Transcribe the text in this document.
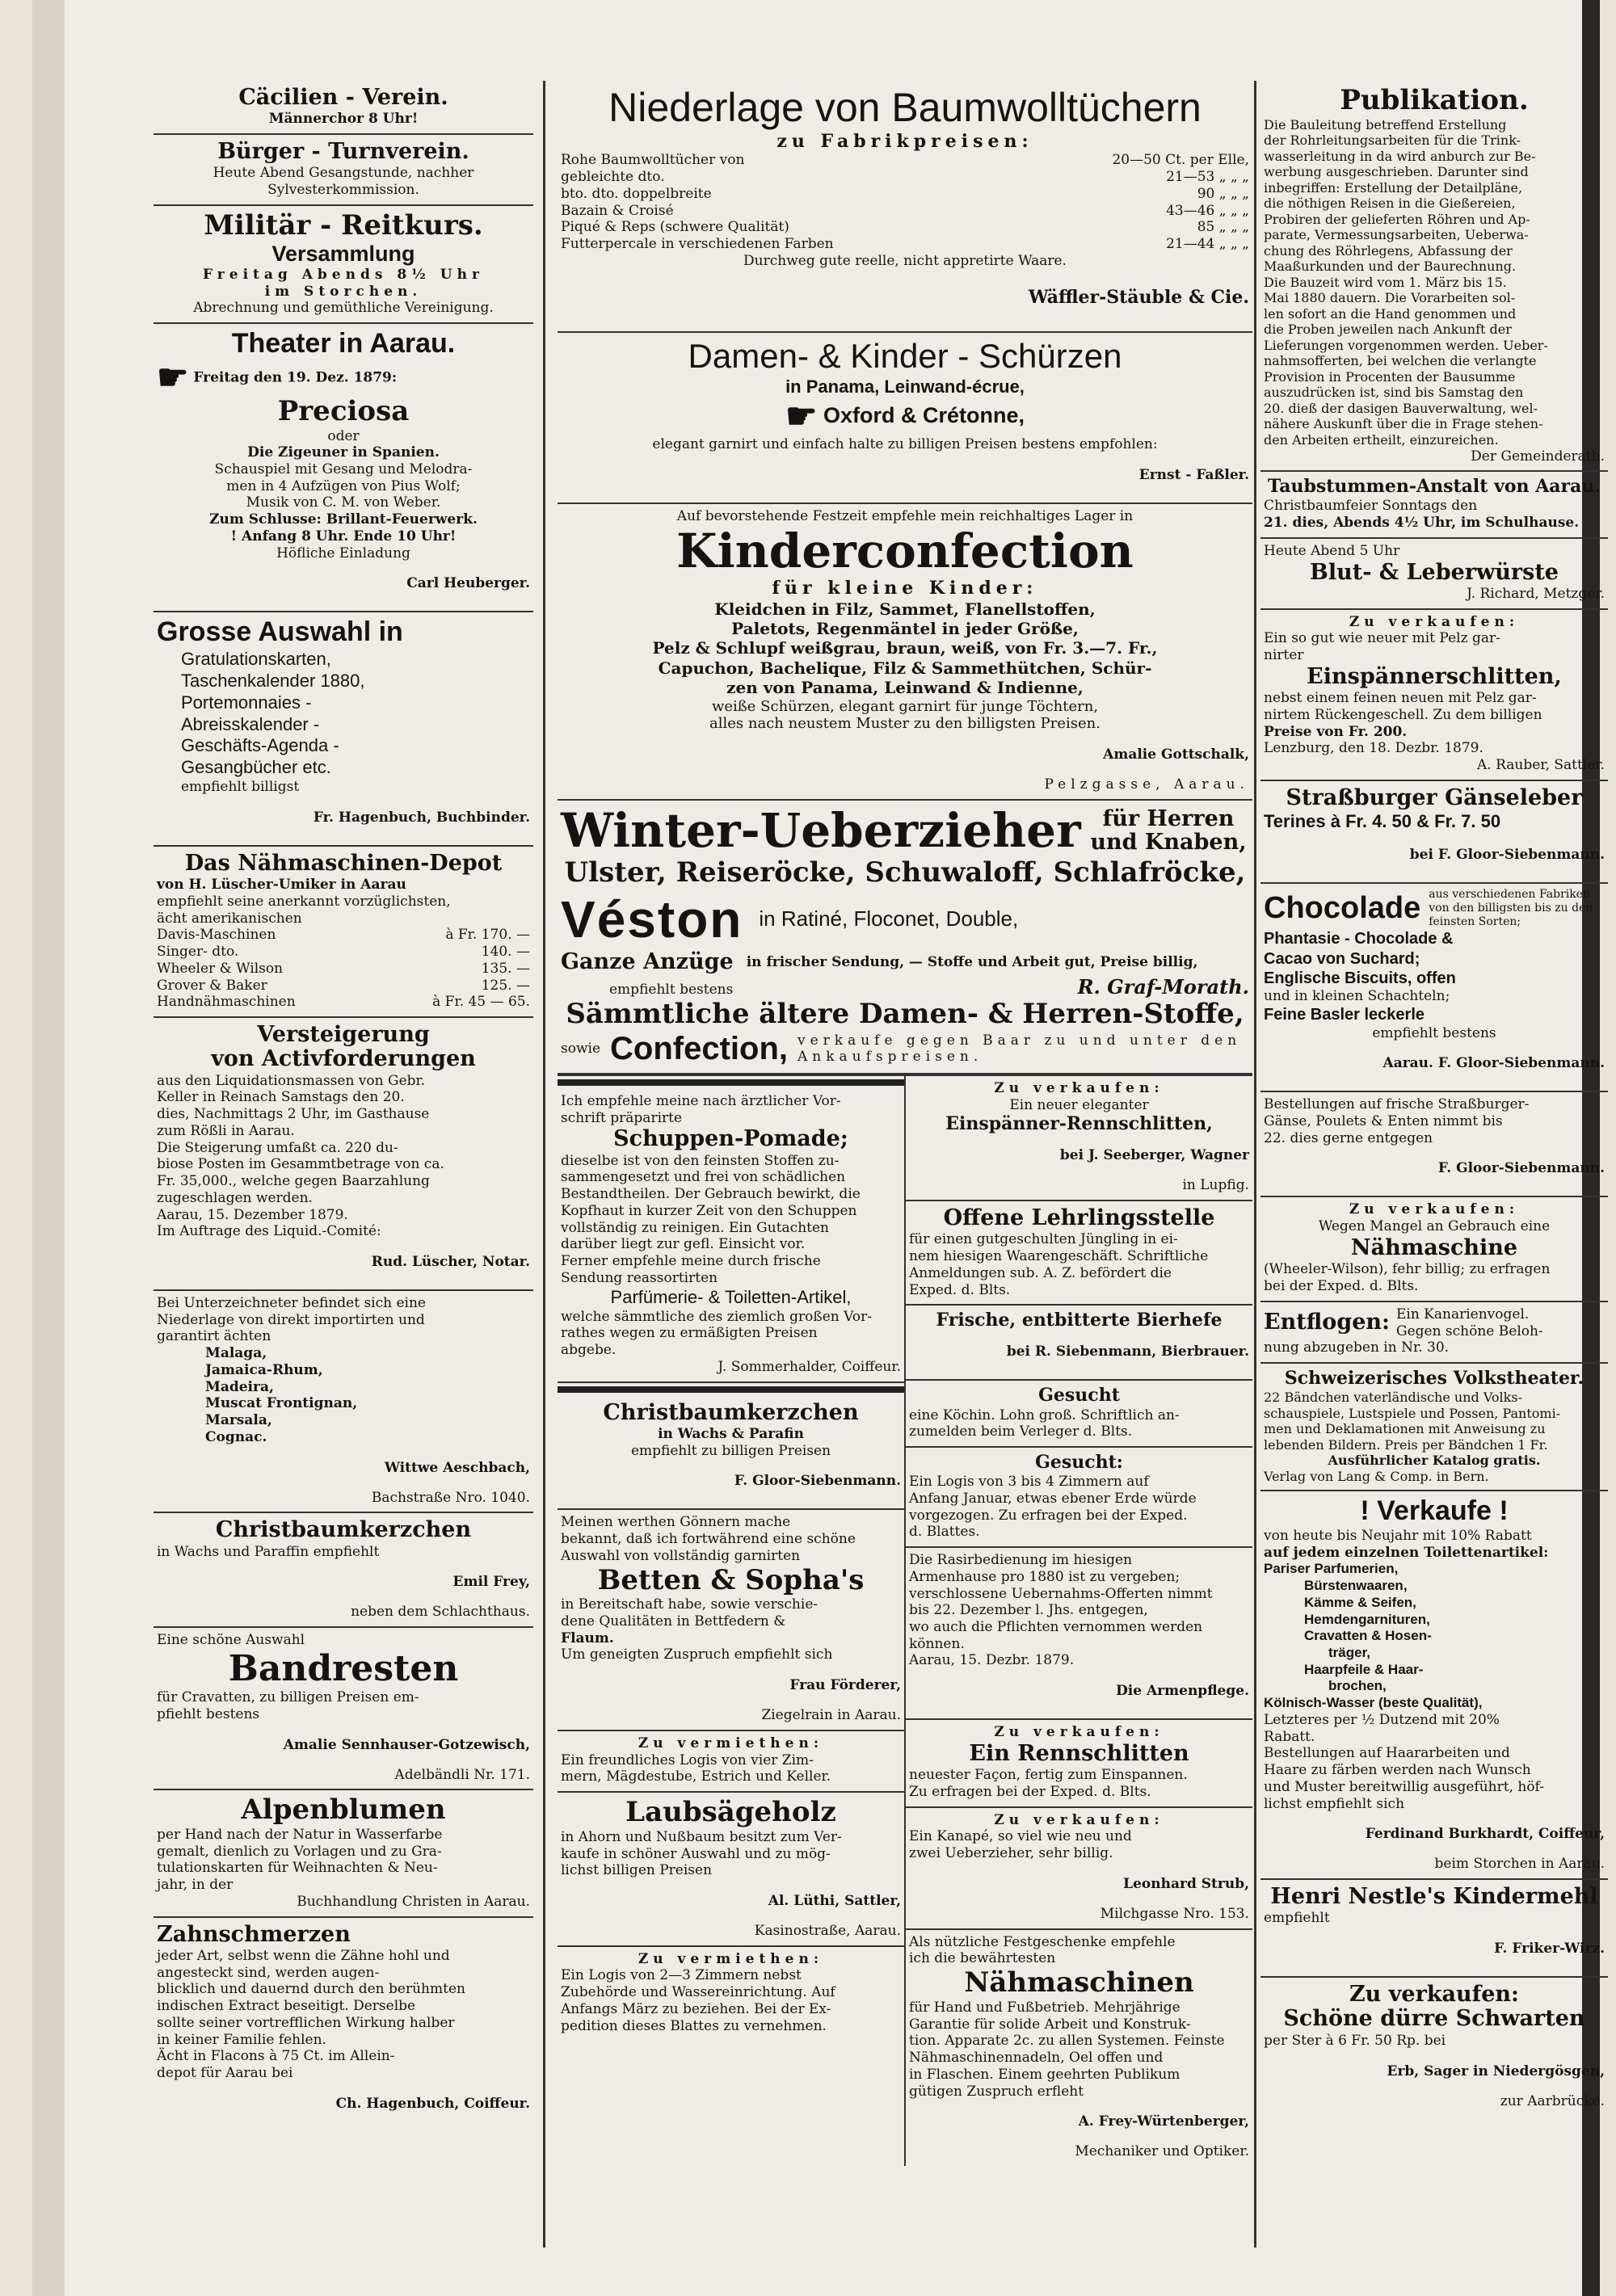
Cäcilien - Verein.

Männerchor 8 Uhr!

Bürger - Turnverein.

Heute Abend Gesangstunde, nachher

Sylvesterkommission.

Militär - Reitkurs.
Versammlung

Freitag Abends 8½ Uhr

im Storchen.

Abrechnung und gemüthliche Vereinigung.

Theater in Aarau.

☛ Freitag den 19. Dez. 1879:

Preciosa

oder

Die Zigeuner in Spanien.

Schauspiel mit Gesang und Melodra-

men in 4 Aufzügen von Pius Wolf;

Musik von C. M. von Weber.

Zum Schlusse: Brillant-Feuerwerk.

! Anfang 8 Uhr. Ende 10 Uhr!

Höfliche Einladung

Carl Heuberger.

Grosse Auswahl in

Gratulationskarten,

Taschenkalender 1880,

Portemonnaies -

Abreisskalender -

Geschäfts-Agenda -

Gesangbücher etc.

empfiehlt billigst

Fr. Hagenbuch, Buchbinder.

Das Nähmaschinen-Depot

von H. Lüscher-Umiker in Aarau

empfiehlt seine anerkannt vorzüglichsten,

ächt amerikanischen

Davis-Maschinen	à Fr. 170. —
Singer- dto.	140. —
Wheeler & Wilson	135. —
Grover & Baker	125. —
Handnähmaschinen	à Fr. 45 — 65.
Versteigerung
von Activforderungen

aus den Liquidationsmassen von Gebr.

Keller in Reinach Samstags den 20.

dies, Nachmittags 2 Uhr, im Gasthause

zum Rößli in Aarau.

Die Steigerung umfaßt ca. 220 du-

biose Posten im Gesammtbetrage von ca.

Fr. 35,000., welche gegen Baarzahlung

zugeschlagen werden.

Aarau, 15. Dezember 1879.

Im Auftrage des Liquid.-Comité:

Rud. Lüscher, Notar.

Bei Unterzeichneter befindet sich eine

Niederlage von direkt importirten und

garantirt ächten

Malaga,

Jamaica-Rhum,

Madeira,

Muscat Frontignan,

Marsala,

Cognac.

Wittwe Aeschbach,

Bachstraße Nro. 1040.

Christbaumkerzchen

in Wachs und Paraffin empfiehlt

Emil Frey,

neben dem Schlachthaus.

Eine schöne Auswahl

Bandresten

für Cravatten, zu billigen Preisen em-

pfiehlt bestens

Amalie Sennhauser-Gotzewisch,

Adelbändli Nr. 171.

Alpenblumen

per Hand nach der Natur in Wasserfarbe

gemalt, dienlich zu Vorlagen und zu Gra-

tulationskarten für Weihnachten & Neu-

jahr, in der

Buchhandlung Christen in Aarau.

Zahnschmerzen

jeder Art, selbst wenn die Zähne hohl und angesteckt sind, werden augen-

blicklich und dauernd durch den berühmten

indischen Extract beseitigt. Derselbe

sollte seiner vortrefflichen Wirkung halber

in keiner Familie fehlen.

Ächt in Flacons à 75 Ct. im Allein-

depot für Aarau bei

Ch. Hagenbuch, Coiffeur.

Niederlage von Baumwolltüchern

zu Fabrikpreisen:

Rohe Baumwolltücher von	20—50 Ct. per Elle,
gebleichte dto.	21—53 „ „ „
bto. dto. doppelbreite	90 „ „ „
Bazain & Croisé	43—46 „ „ „
Piqué & Reps (schwere Qualität)	85 „ „ „
Futterpercale in verschiedenen Farben	21—44 „ „ „

Durchweg gute reelle, nicht appretirte Waare.

Wäffler-Stäuble & Cie.

Damen- & Kinder - Schürzen

in Panama, Leinwand-écrue,

☛ Oxford & Crétonne,

elegant garnirt und einfach halte zu billigen Preisen bestens empfohlen:

Ernst - Faßler.

Auf bevorstehende Festzeit empfehle mein reichhaltiges Lager in

Kinderconfection

für kleine Kinder:

Kleidchen in Filz, Sammet, Flanellstoffen,

Paletots, Regenmäntel in jeder Größe,

Pelz & Schlupf weißgrau, braun, weiß, von Fr. 3.—7. Fr.,

Capuchon, Bachelique, Filz & Sammethütchen, Schür-

zen von Panama, Leinwand & Indienne,

weiße Schürzen, elegant garnirt für junge Töchtern,

alles nach neustem Muster zu den billigsten Preisen.

Amalie Gottschalk,

Pelzgasse, Aarau.

Winter-Ueberzieher für Herren und Knaben,
Ulster, Reiseröcke, Schuwaloff, Schlafröcke,
Véston in Ratiné, Floconet, Double,
Ganze Anzüge in frischer Sendung, — Stoffe und Arbeit gut, Preise billig,
empfiehlt bestens	R. Graf-Morath.
Sämmtliche ältere Damen- & Herren-Stoffe,
sowie Confection, verkaufe gegen Baar zu und unter den Ankaufspreisen.

Ich empfehle meine nach ärztlicher Vor-

schrift präparirte

Schuppen-Pomade;

dieselbe ist von den feinsten Stoffen zu-

sammengesetzt und frei von schädlichen

Bestandtheilen. Der Gebrauch bewirkt, die

Kopfhaut in kurzer Zeit von den Schuppen

vollständig zu reinigen. Ein Gutachten

darüber liegt zur gefl. Einsicht vor.

Ferner empfehle meine durch frische

Sendung reassortirten

Parfümerie- & Toiletten-Artikel,

welche sämmtliche des ziemlich großen Vor-

rathes wegen zu ermäßigten Preisen

abgebe.

J. Sommerhalder, Coiffeur.

Christbaumkerzchen

in Wachs & Parafin

empfiehlt zu billigen Preisen

F. Gloor-Siebenmann.

Meinen werthen Gönnern mache

bekannt, daß ich fortwährend eine schöne

Auswahl von vollständig garnirten

Betten & Sopha's

in Bereitschaft habe, sowie verschie-

dene Qualitäten in Bettfedern &

Flaum.

Um geneigten Zuspruch empfiehlt sich

Frau Förderer,

Ziegelrain in Aarau.

Zu vermiethen:

Ein freundliches Logis von vier Zim-

mern, Mägdestube, Estrich und Keller.

Laubsägeholz

in Ahorn und Nußbaum besitzt zum Ver-

kaufe in schöner Auswahl und zu mög-

lichst billigen Preisen

Al. Lüthi, Sattler,

Kasinostraße, Aarau.

Zu vermiethen:

Ein Logis von 2—3 Zimmern nebst

Zubehörde und Wassereinrichtung. Auf

Anfangs März zu beziehen. Bei der Ex-

pedition dieses Blattes zu vernehmen.

Zu verkaufen:

Ein neuer eleganter

Einspänner-Rennschlitten,

bei J. Seeberger, Wagner

in Lupfig.

Offene Lehrlingsstelle

für einen gutgeschulten Jüngling in ei-

nem hiesigen Waarengeschäft. Schriftliche

Anmeldungen sub. A. Z. befördert die

Exped. d. Blts.

Frische, entbitterte Bierhefe

bei R. Siebenmann, Bierbrauer.

Gesucht

eine Köchin. Lohn groß. Schriftlich an-

zumelden beim Verleger d. Blts.

Gesucht:

Ein Logis von 3 bis 4 Zimmern auf

Anfang Januar, etwas ebener Erde würde

vorgezogen. Zu erfragen bei der Exped.

d. Blattes.

Die Rasirbedienung im hiesigen

Armenhause pro 1880 ist zu vergeben;

verschlossene Uebernahms-Offerten nimmt

bis 22. Dezember l. Jhs. entgegen,

wo auch die Pflichten vernommen werden

können.

Aarau, 15. Dezbr. 1879.

Die Armenpflege.

Zu verkaufen:

Ein Rennschlitten

neuester Façon, fertig zum Einspannen.

Zu erfragen bei der Exped. d. Blts.

Zu verkaufen:

Ein Kanapé, so viel wie neu und

zwei Ueberzieher, sehr billig.

Leonhard Strub,

Milchgasse Nro. 153.

Als nützliche Festgeschenke empfehle

ich die bewährtesten

Nähmaschinen

für Hand und Fußbetrieb. Mehrjährige

Garantie für solide Arbeit und Konstruk-

tion. Apparate 2c. zu allen Systemen. Feinste

Nähmaschinennadeln, Oel offen und

in Flaschen. Einem geehrten Publikum

gütigen Zuspruch erfleht

A. Frey-Würtenberger,

Mechaniker und Optiker.

Publikation.

Die Bauleitung betreffend Erstellung

der Rohrleitungsarbeiten für die Trink-

wasserleitung in da wird anburch zur Be-

werbung ausgeschrieben. Darunter sind

inbegriffen: Erstellung der Detailpläne,

die nöthigen Reisen in die Gießereien,

Probiren der gelieferten Röhren und Ap-

parate, Vermessungsarbeiten, Ueberwa-

chung des Röhrlegens, Abfassung der

Maaßurkunden und der Baurechnung.

Die Bauzeit wird vom 1. März bis 15.

Mai 1880 dauern. Die Vorarbeiten sol-

len sofort an die Hand genommen und

die Proben jeweilen nach Ankunft der

Lieferungen vorgenommen werden. Ueber-

nahmsofferten, bei welchen die verlangte

Provision in Procenten der Bausumme

auszudrücken ist, sind bis Samstag den

20. dieß der dasigen Bauverwaltung, wel-

nähere Auskunft über die in Frage stehen-

den Arbeiten ertheilt, einzureichen.

Der Gemeinderath.

Taubstummen-Anstalt von Aarau.

Christbaumfeier Sonntags den

21. dies, Abends 4½ Uhr, im Schulhause.

Heute Abend 5 Uhr

Blut- & Leberwürste

J. Richard, Metzger.

Zu verkaufen:

Ein so gut wie neuer mit Pelz gar-

nirter

Einspännerschlitten,

nebst einem feinen neuen mit Pelz gar-

nirtem Rückengeschell. Zu dem billigen

Preise von Fr. 200.

Lenzburg, den 18. Dezbr. 1879.

A. Rauber, Sattler.

Straßburger Gänseleber

Terines à Fr. 4. 50 & Fr. 7. 50

bei F. Gloor-Siebenmann.

Chocolade aus verschiedenen Fabriken von den billigsten bis zu den feinsten Sorten;

Phantasie - Chocolade &

Cacao von Suchard;

Englische Biscuits, offen

und in kleinen Schachteln;

Feine Basler leckerle

empfiehlt bestens

Aarau. F. Gloor-Siebenmann.

Bestellungen auf frische Straßburger-

Gänse, Poulets & Enten nimmt bis

22. dies gerne entgegen

F. Gloor-Siebenmann.

Zu verkaufen:

Wegen Mangel an Gebrauch eine

Nähmaschine

(Wheeler-Wilson), fehr billig; zu erfragen

bei der Exped. d. Blts.

Entflogen: Ein Kanarienvogel.

Gegen schöne Beloh-

nung abzugeben in Nr. 30.

Schweizerisches Volkstheater.

22 Bändchen vaterländische und Volks-

schauspiele, Lustspiele und Possen, Pantomi-

men und Deklamationen mit Anweisung zu

lebenden Bildern. Preis per Bändchen 1 Fr.

Ausführlicher Katalog gratis.

Verlag von Lang & Comp. in Bern.

! Verkaufe !

von heute bis Neujahr mit 10% Rabatt

auf jedem einzelnen Toilettenartikel:

Pariser Parfumerien,

Bürstenwaaren,

Kämme & Seifen,

Hemdengarnituren,

Cravatten & Hosen-

träger,

Haarpfeile & Haar-

brochen,

Kölnisch-Wasser (beste Qualität),

Letzteres per ½ Dutzend mit 20%

Rabatt.

Bestellungen auf Haararbeiten und

Haare zu färben werden nach Wunsch

und Muster bereitwillig ausgeführt, höf-

lichst empfiehlt sich

Ferdinand Burkhardt, Coiffeur,

beim Storchen in Aarau.

Henri Nestle's Kindermehl

empfiehlt

F. Friker-Wirz.

Zu verkaufen:
Schöne dürre Schwarten

per Ster à 6 Fr. 50 Rp. bei

Erb, Sager in Niedergösgen,

zur Aarbrücke.
